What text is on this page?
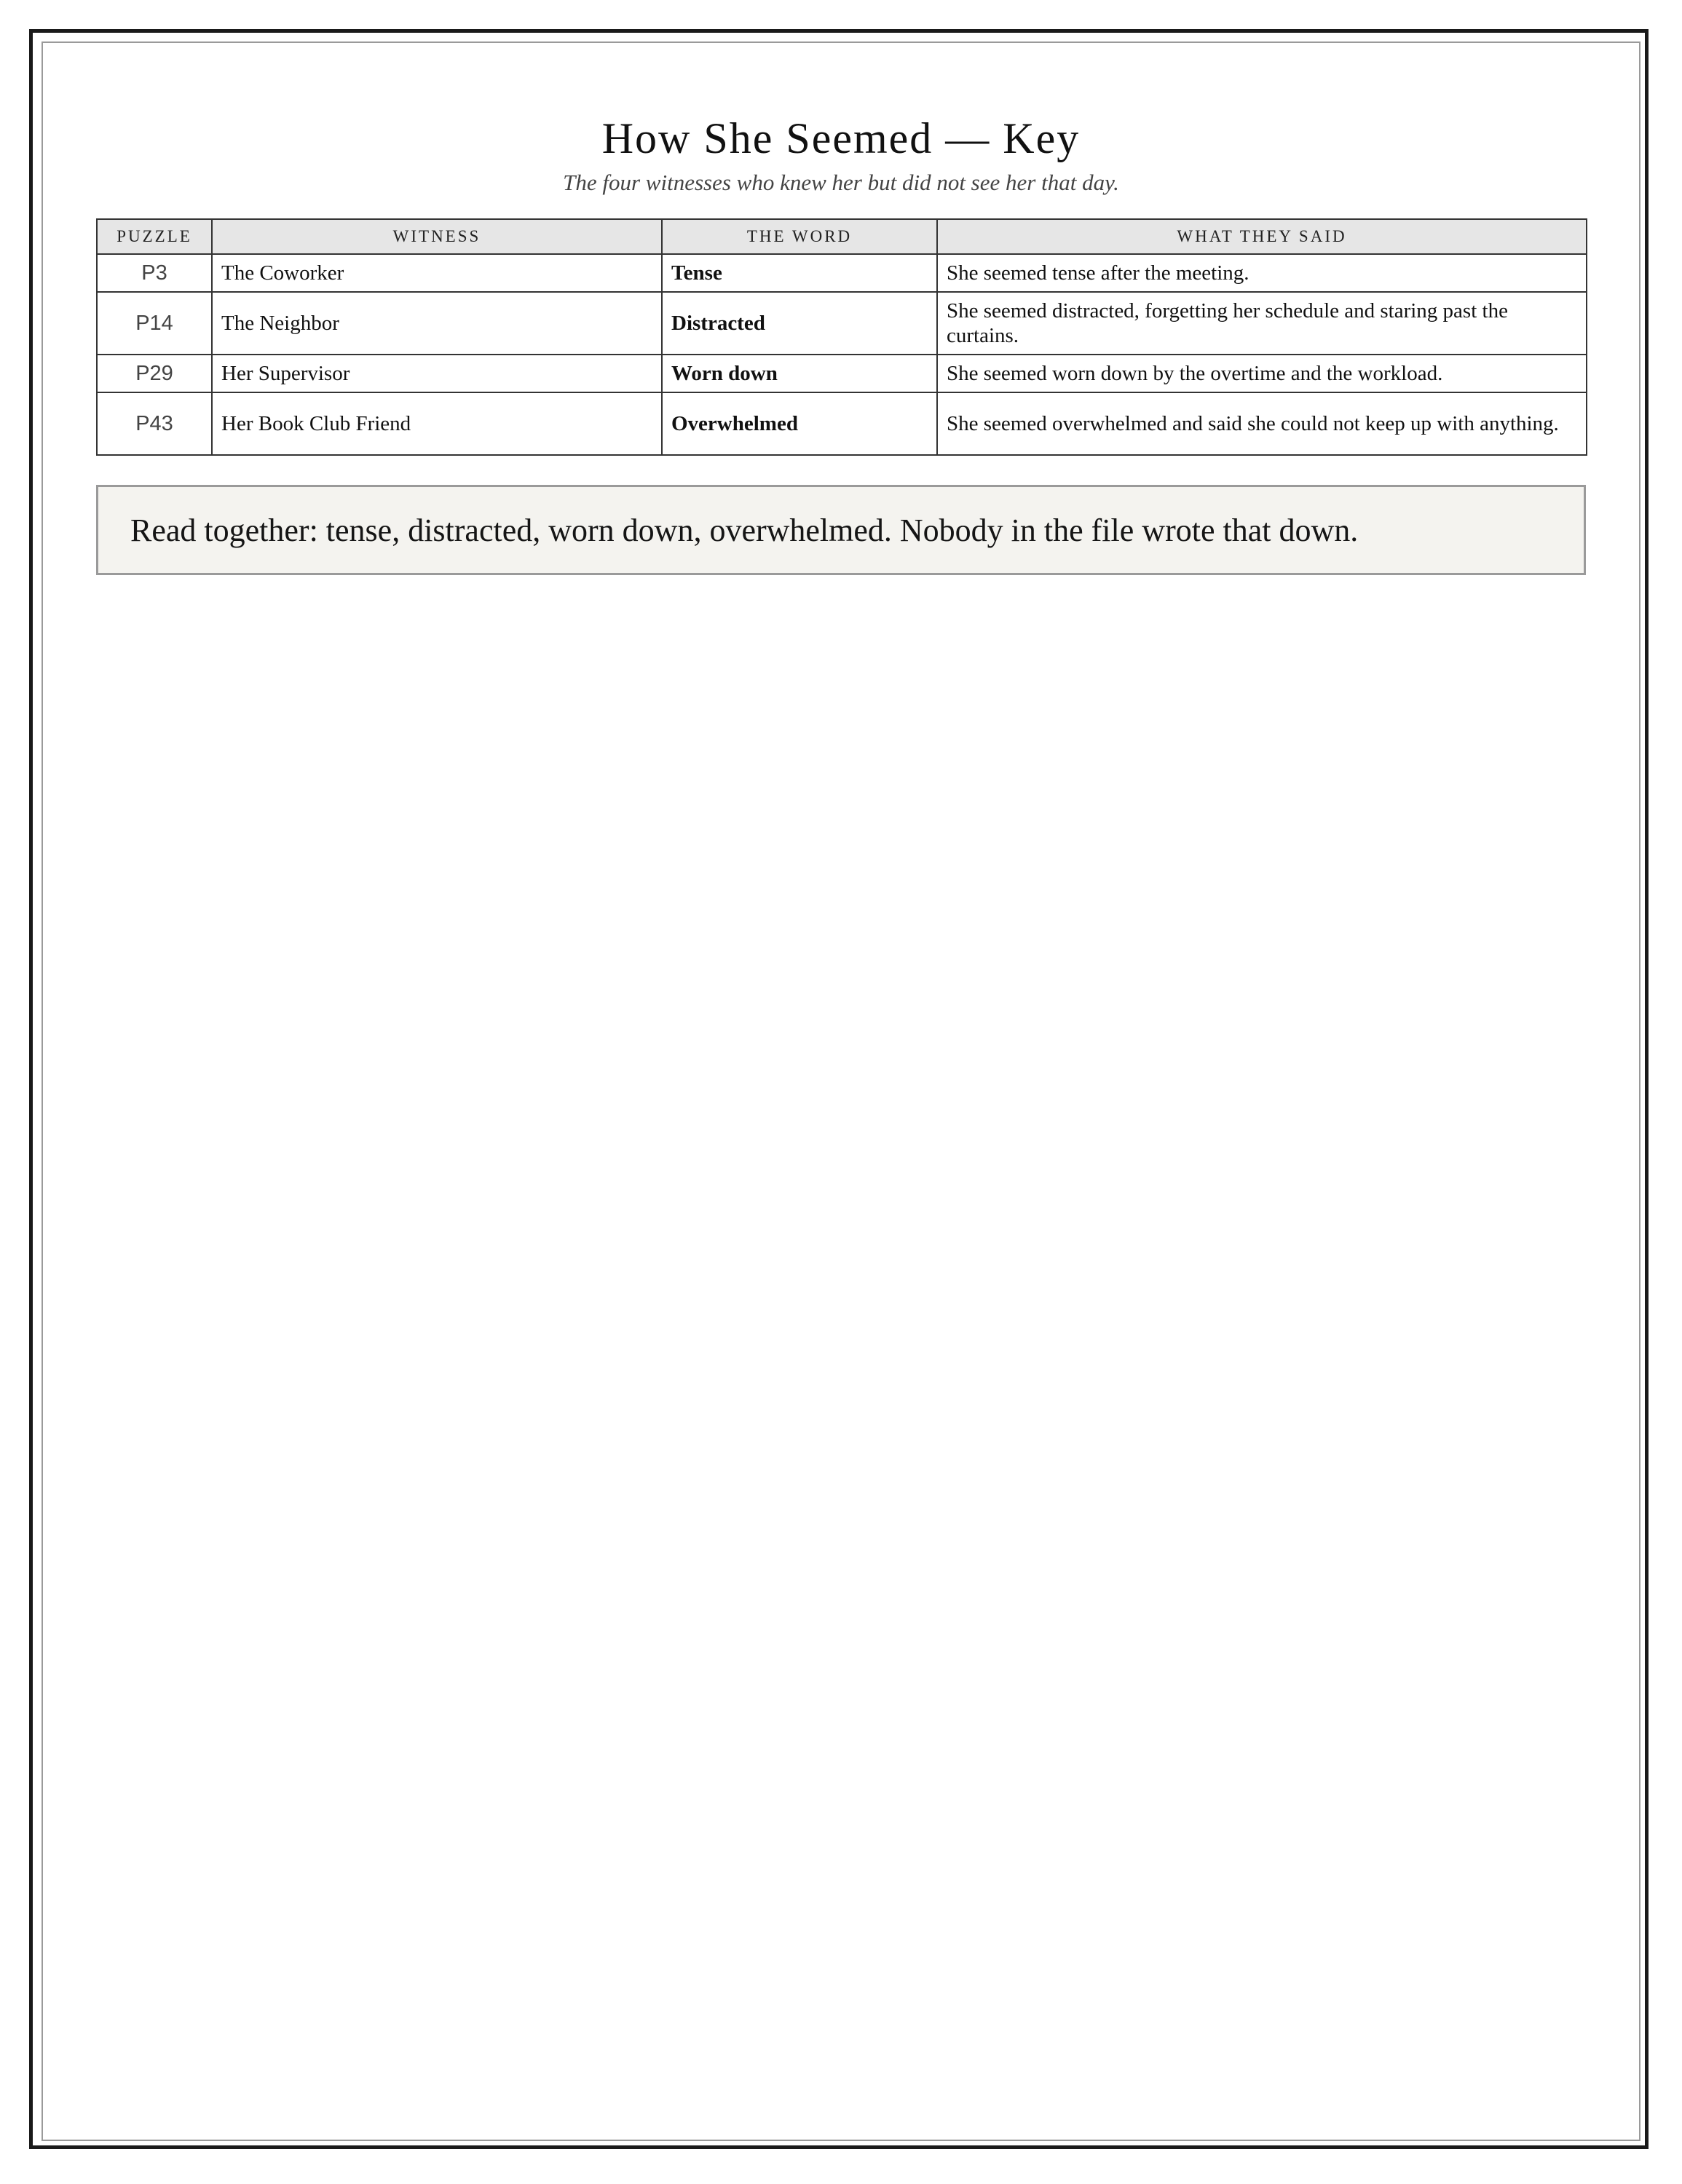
How She Seemed — Key

The four witnesses who knew her but did not see her that day.

PUZZLE	WITNESS	THE WORD	WHAT THEY SAID
P3	The Coworker	Tense	She seemed tense after the meeting.
P14	The Neighbor	Distracted	She seemed distracted, forgetting her schedule and staring past the curtains.
P29	Her Supervisor	Worn down	She seemed worn down by the overtime and the workload.
P43	Her Book Club Friend	Overwhelmed	She seemed overwhelmed and said she could not keep up with anything.
Read together: tense, distracted, worn down, overwhelmed. Nobody in the file wrote that down.
